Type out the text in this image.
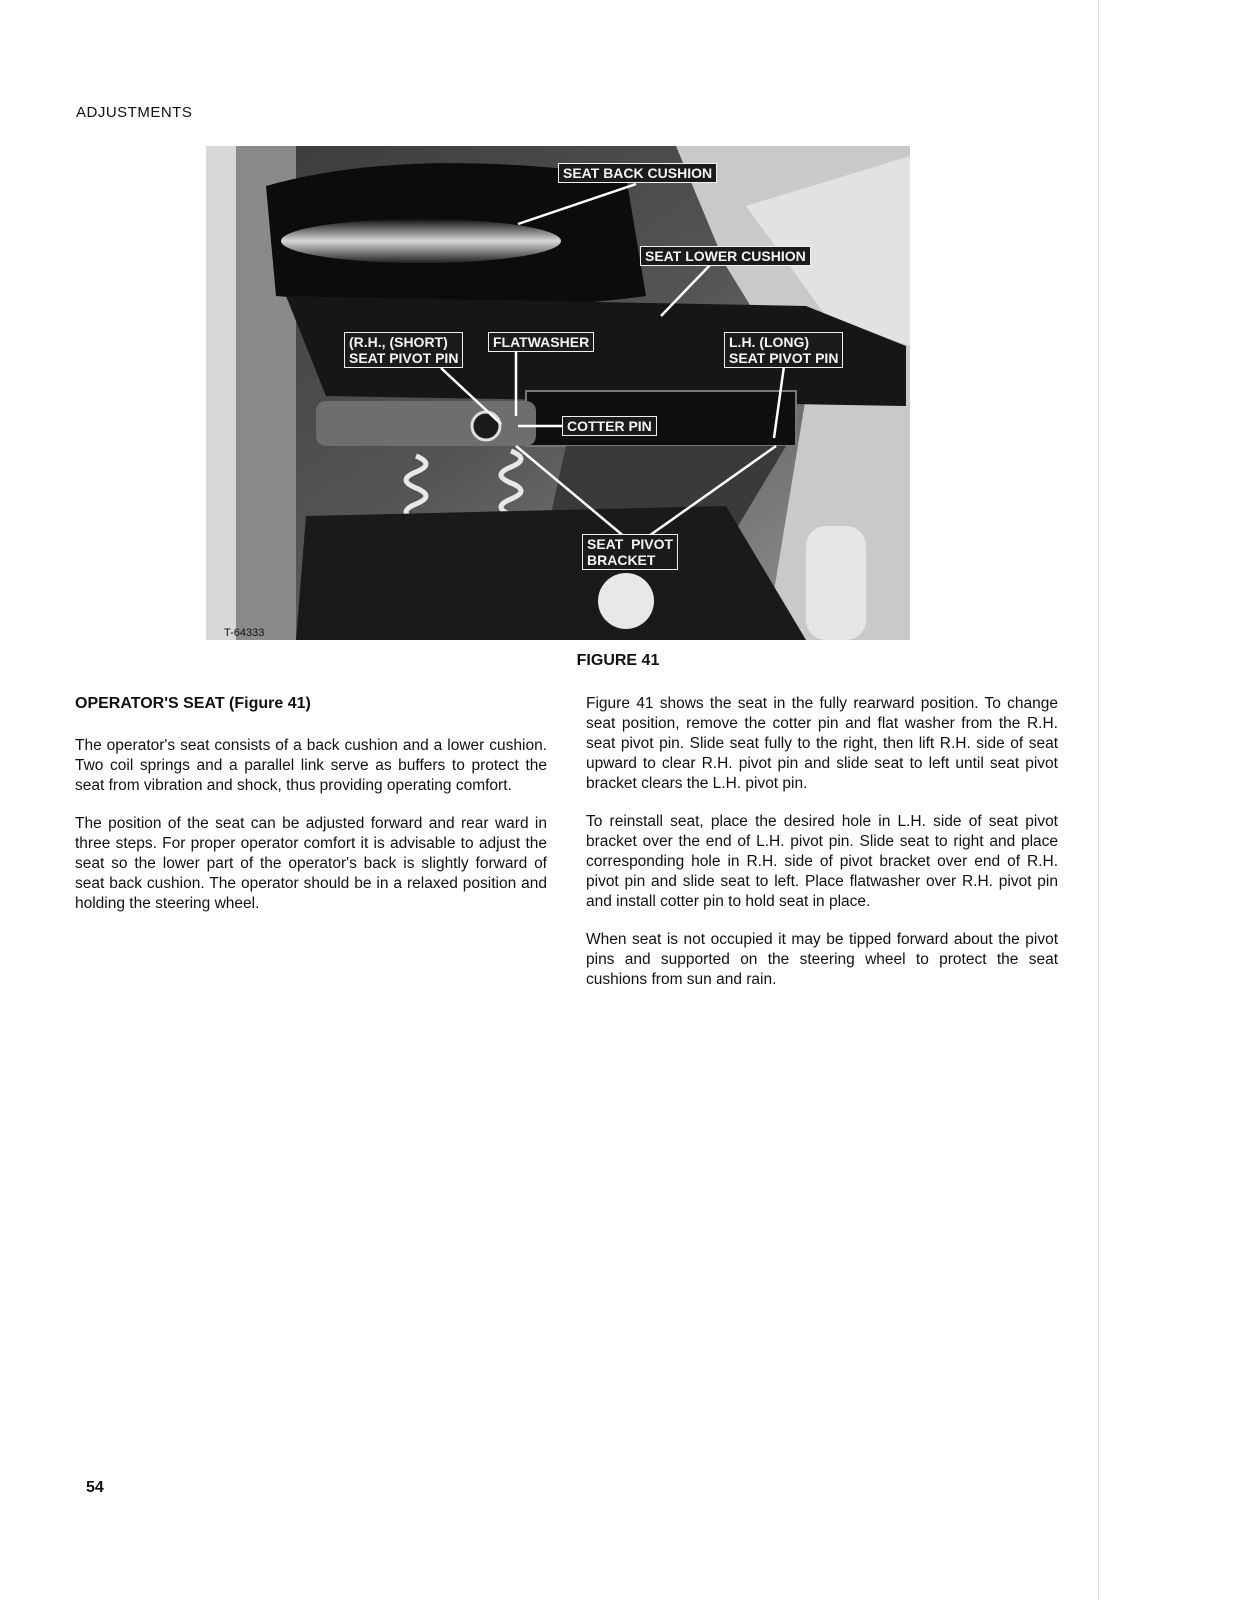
ADJUSTMENTS
SEAT BACK CUSHION
SEAT LOWER CUSHION
(R.H., (SHORT)
SEAT PIVOT PIN
FLATWASHER	L.H. (LONG)
SEAT PIVOT PIN
COTTER PIN
SEAT  PIVOT
BRACKET
T-64333
FIGURE 41

OPERATOR'S SEAT (Figure 41)

The operator's seat consists of a back cushion and a lower cushion. Two coil springs and a parallel link serve as buffers to protect the seat from vibration and shock, thus providing operating comfort.

The position of the seat can be adjusted forward and rear ward in three steps. For proper operator comfort it is advisable to adjust the seat so the lower part of the operator's back is slightly forward of seat back cushion. The operator should be in a relaxed position and holding the steering wheel.

Figure 41 shows the seat in the fully rearward position. To change seat position, remove the cotter pin and flat washer from the R.H. seat pivot pin. Slide seat fully to the right, then lift R.H. side of seat upward to clear R.H. pivot pin and slide seat to left until seat pivot bracket clears the L.H. pivot pin.

To reinstall seat, place the desired hole in L.H. side of seat pivot bracket over the end of L.H. pivot pin. Slide seat to right and place corresponding hole in R.H. side of pivot bracket over end of R.H. pivot pin and slide seat to left. Place flatwasher over R.H. pivot pin and install cotter pin to hold seat in place.

When seat is not occupied it may be tipped forward about the pivot pins and supported on the steering wheel to protect the seat cushions from sun and rain.

54
